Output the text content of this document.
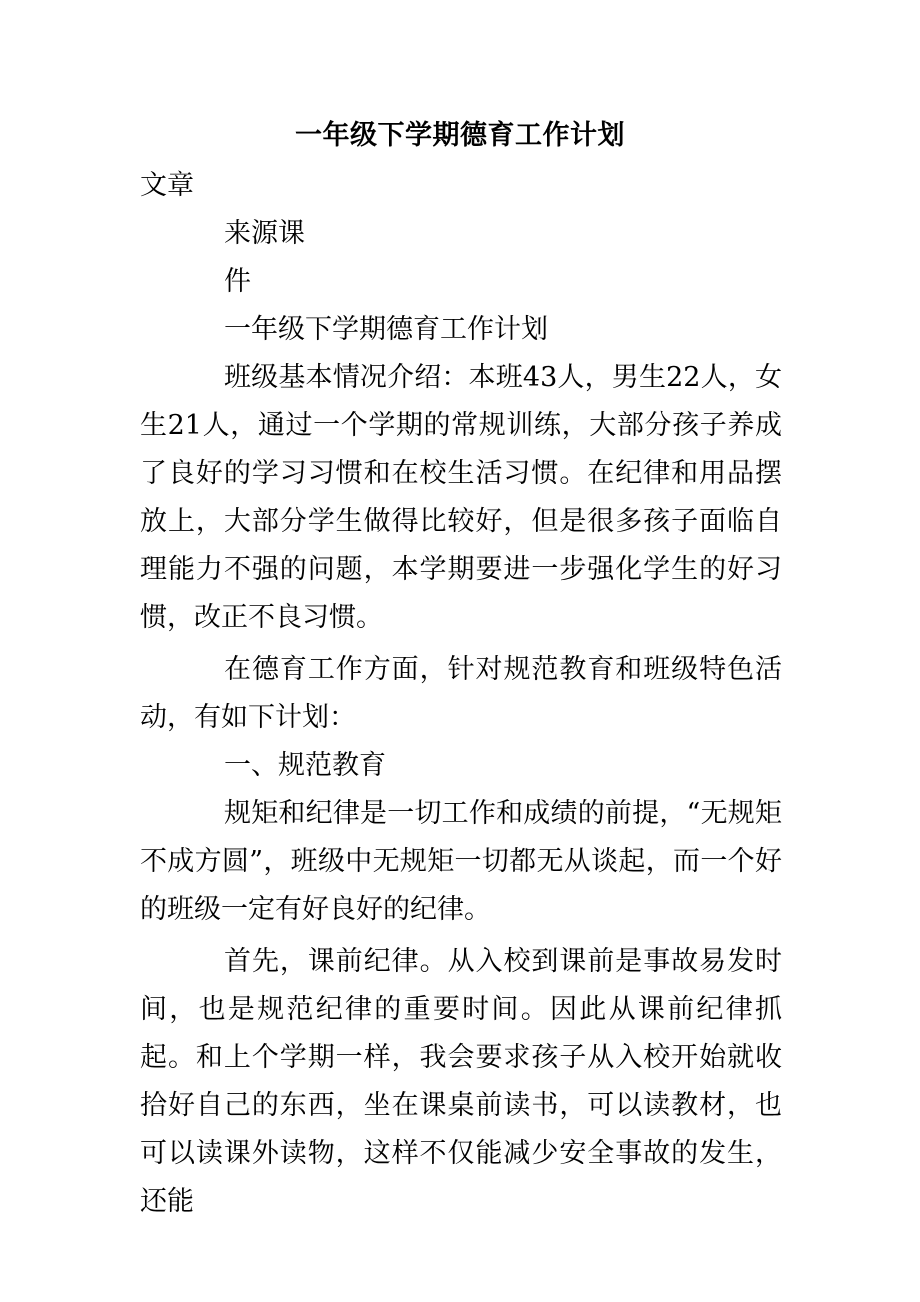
一年级下学期德育工作计划

文章

来源课

件

一年级下学期德育工作计划

班级基本情况介绍：本班43人，男生22人，女生21人，通过一个学期的常规训练，大部分孩子养成了良好的学习习惯和在校生活习惯。在纪律和用品摆放上，大部分学生做得比较好，但是很多孩子面临自理能力不强的问题，本学期要进一步强化学生的好习惯，改正不良习惯。

在德育工作方面，针对规范教育和班级特色活动，有如下计划：

一、规范教育

规矩和纪律是一切工作和成绩的前提，“无规矩不成方圆”，班级中无规矩一切都无从谈起，而一个好的班级一定有好良好的纪律。

首先，课前纪律。从入校到课前是事故易发时间，也是规范纪律的重要时间。因此从课前纪律抓起。和上个学期一样，我会要求孩子从入校开始就收拾好自己的东西，坐在课桌前读书，可以读教材，也可以读课外读物，这样不仅能减少安全事故的发生，还能
